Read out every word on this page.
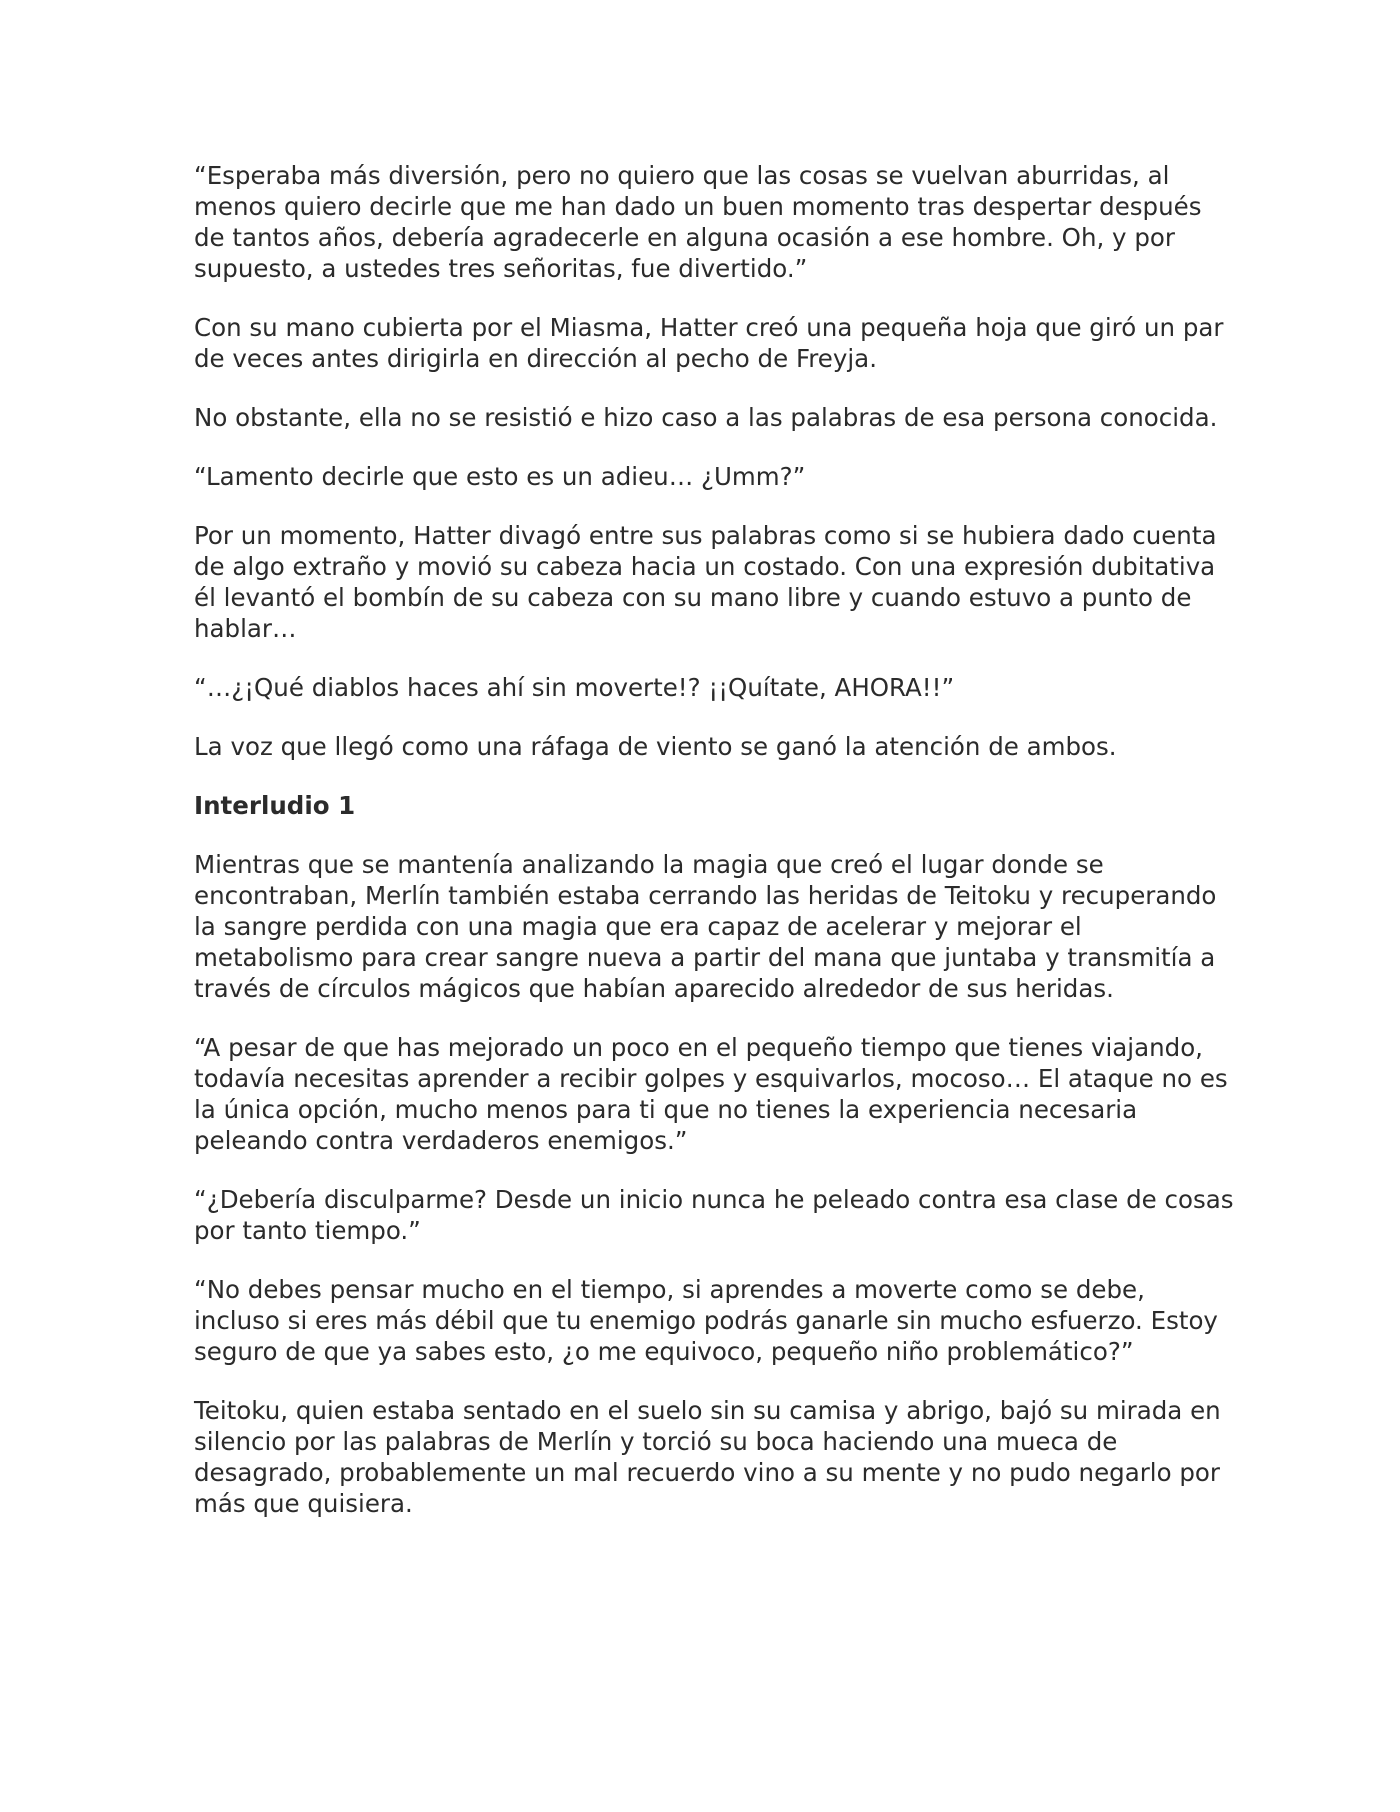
“Esperaba más diversión, pero no quiero que las cosas se vuelvan aburridas, al menos quiero decirle que me han dado un buen momento tras despertar después de tantos años, debería agradecerle en alguna ocasión a ese hombre. Oh, y por supuesto, a ustedes tres señoritas, fue divertido.”

Con su mano cubierta por el Miasma, Hatter creó una pequeña hoja que giró un par de veces antes dirigirla en dirección al pecho de Freyja.

No obstante, ella no se resistió e hizo caso a las palabras de esa persona conocida.

“Lamento decirle que esto es un adieu… ¿Umm?”

Por un momento, Hatter divagó entre sus palabras como si se hubiera dado cuenta de algo extraño y movió su cabeza hacia un costado. Con una expresión dubitativa él levantó el bombín de su cabeza con su mano libre y cuando estuvo a punto de hablar…

“…¿¡Qué diablos haces ahí sin moverte!? ¡¡Quítate, AHORA!!”

La voz que llegó como una ráfaga de viento se ganó la atención de ambos.

Interludio 1

Mientras que se mantenía analizando la magia que creó el lugar donde se encontraban, Merlín también estaba cerrando las heridas de Teitoku y recuperando la sangre perdida con una magia que era capaz de acelerar y mejorar el metabolismo para crear sangre nueva a partir del mana que juntaba y transmitía a través de círculos mágicos que habían aparecido alrededor de sus heridas.

“A pesar de que has mejorado un poco en el pequeño tiempo que tienes viajando, todavía necesitas aprender a recibir golpes y esquivarlos, mocoso… El ataque no es la única opción, mucho menos para ti que no tienes la experiencia necesaria peleando contra verdaderos enemigos.”

“¿Debería disculparme? Desde un inicio nunca he peleado contra esa clase de cosas por tanto tiempo.”

“No debes pensar mucho en el tiempo, si aprendes a moverte como se debe, incluso si eres más débil que tu enemigo podrás ganarle sin mucho esfuerzo. Estoy seguro de que ya sabes esto, ¿o me equivoco, pequeño niño problemático?”

Teitoku, quien estaba sentado en el suelo sin su camisa y abrigo, bajó su mirada en silencio por las palabras de Merlín y torció su boca haciendo una mueca de desagrado, probablemente un mal recuerdo vino a su mente y no pudo negarlo por más que quisiera.
